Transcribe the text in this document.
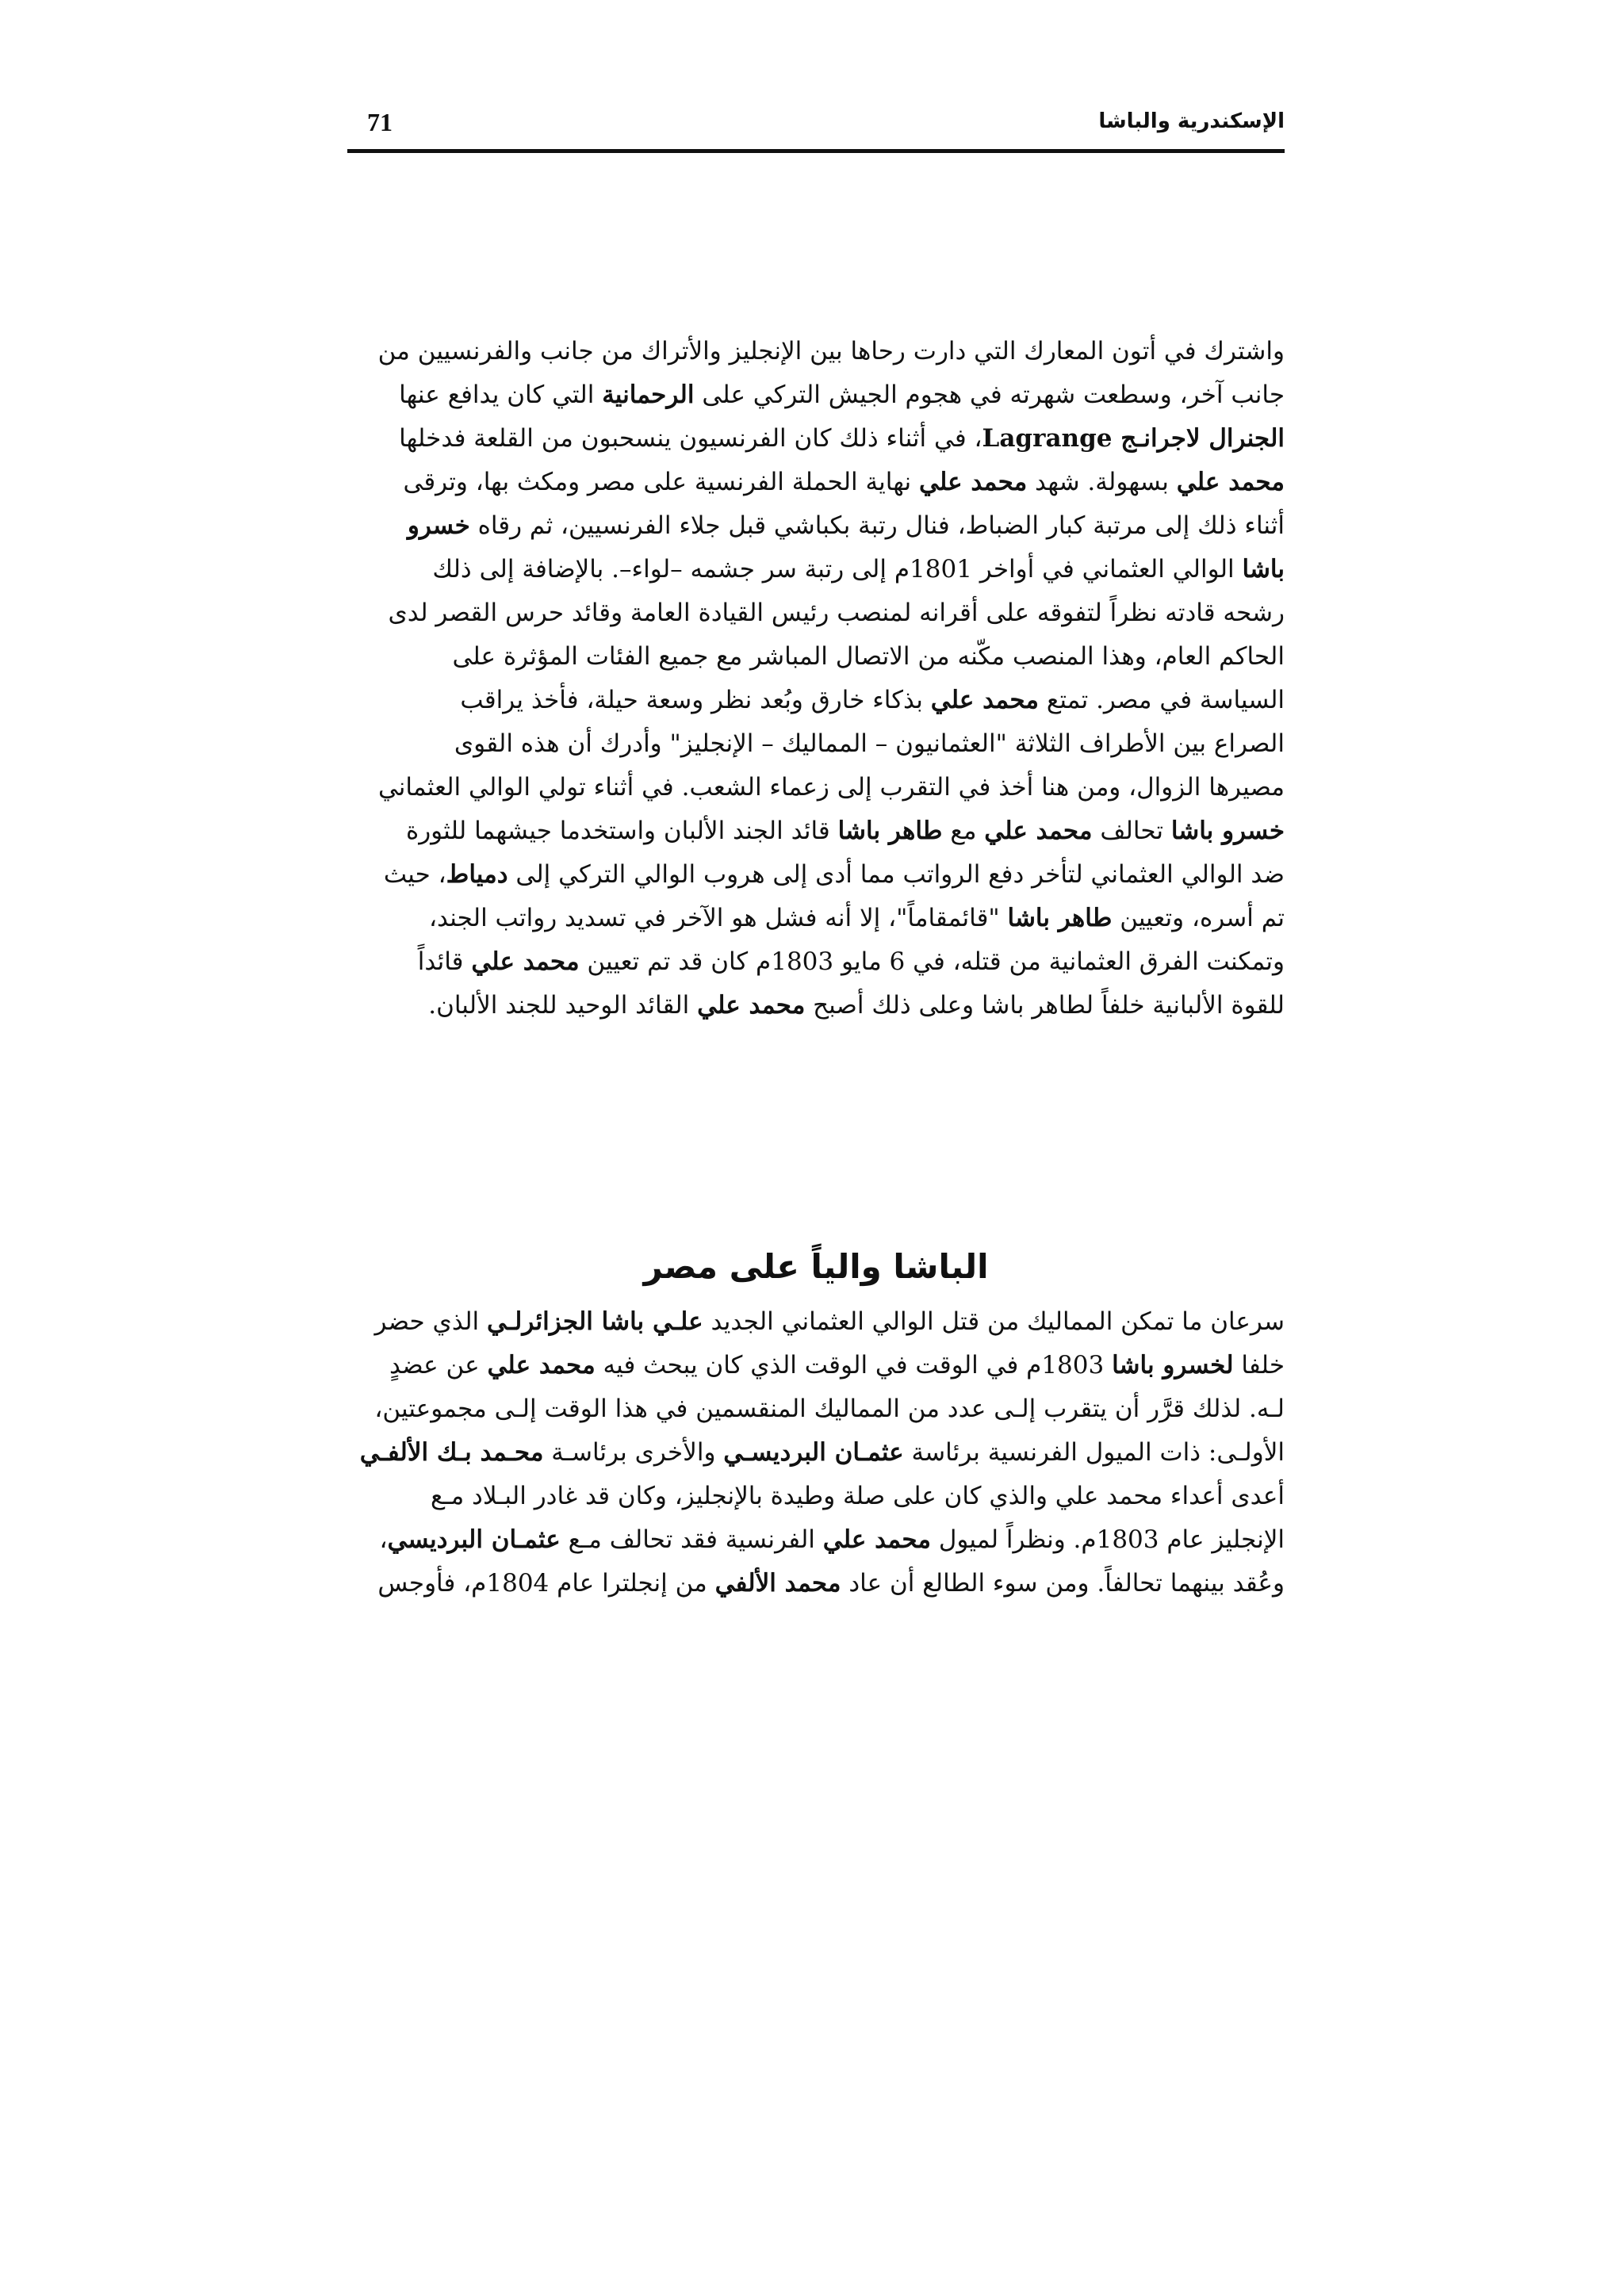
71	الإسكندرية والباشا
واشترك في أتون المعارك التي دارت رحاها بين الإنجليز والأتراك من جانب والفرنسيين من
جانب آخر، وسطعت شهرته في هجوم الجيش التركي على الرحمانية التي كان يدافع عنها
الجنرال لاجرانـج Lagrange، في أثناء ذلك كان الفرنسيون ينسحبون من القلعة فدخلها
محمد علي بسهولة. شهد محمد علي نهاية الحملة الفرنسية على مصر ومكث بها، وترقى
أثناء ذلك إلى مرتبة كبار الضباط، فنال رتبة بكباشي قبل جلاء الفرنسيين، ثم رقاه خسرو
باشا الوالي العثماني في أواخر 1801م إلى رتبة سر جشمه –لواء–. بالإضافة إلى ذلك
رشحه قادته نظراً لتفوقه على أقرانه لمنصب رئيس القيادة العامة وقائد حرس القصر لدى
الحاكم العام، وهذا المنصب مكّنه من الاتصال المباشر مع جميع الفئات المؤثرة على
السياسة في مصر. تمتع محمد علي بذكاء خارق وبُعد نظر وسعة حيلة، فأخذ يراقب
الصراع بين الأطراف الثلاثة "العثمانيون – المماليك – الإنجليز" وأدرك أن هذه القوى
مصيرها الزوال، ومن هنا أخذ في التقرب إلى زعماء الشعب. في أثناء تولي الوالي العثماني
خسرو باشا تحالف محمد علي مع طاهر باشا قائد الجند الألبان واستخدما جيشهما للثورة
ضد الوالي العثماني لتأخر دفع الرواتب مما أدى إلى هروب الوالي التركي إلى دمياط، حيث
تم أسره، وتعيين طاهر باشا "قائمقاماً"، إلا أنه فشل هو الآخر في تسديد رواتب الجند،
وتمكنت الفرق العثمانية من قتله، في 6 مايو 1803م كان قد تم تعيين محمد علي قائداً
للقوة الألبانية خلفاً لطاهر باشا وعلى ذلك أصبح محمد علي القائد الوحيد للجند الألبان.
الباشا والياً على مصر
سرعان ما تمكن المماليك من قتل الوالي العثماني الجديد علـي باشا الجزائرلـي الذي حضر
خلفا لخسرو باشا 1803م في الوقت في الوقت الذي كان يبحث فيه محمد علي عن عضدٍ
لـه. لذلك قرَّر أن يتقرب إلـى عدد من المماليك المنقسمين في هذا الوقت إلـى مجموعتين،
الأولـى: ذات الميول الفرنسية برئاسة عثمـان البرديسـي والأخرى برئاسـة محـمد بـك الألفـي
أعدى أعداء محمد علي والذي كان على صلة وطيدة بالإنجليز، وكان قد غادر البـلاد مـع
الإنجليز عام 1803م. ونظراً لميول محمد علي الفرنسية فقد تحالف مـع عثمـان البرديسي،
وعُقد بينهما تحالفاً. ومن سوء الطالع أن عاد محمد الألفي من إنجلترا عام 1804م، فأوجس
